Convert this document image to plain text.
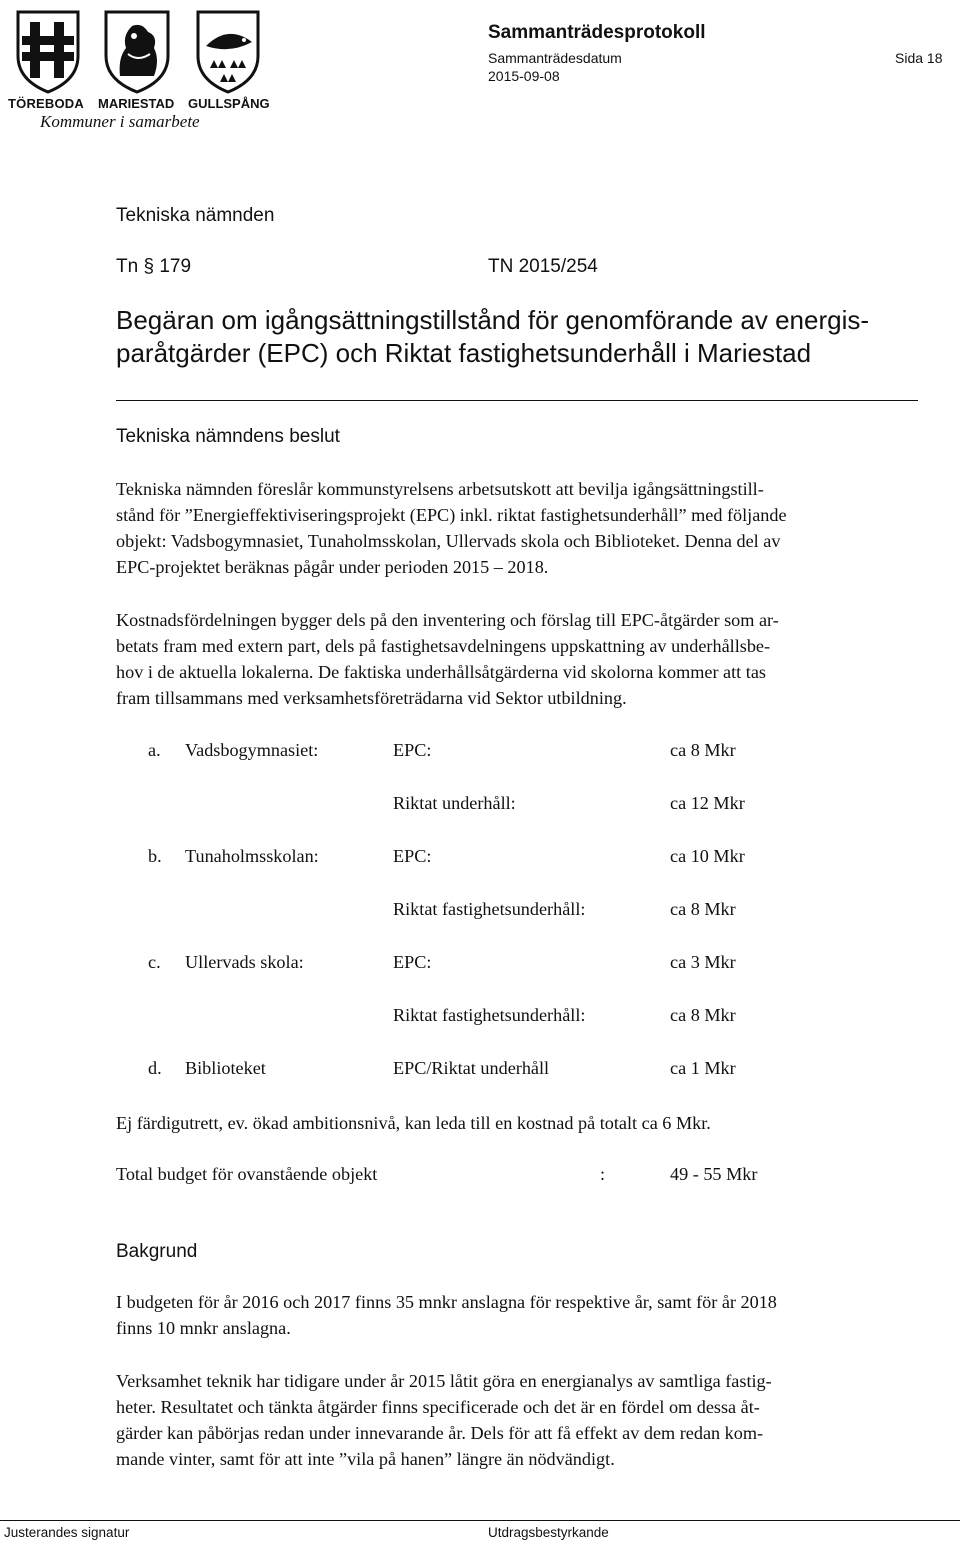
TÖREBODA MARIESTAD GULLSPÅNG
Kommuner i samarbete
Sammanträdesprotokoll
Sammanträdesdatum
2015-09-08
Sida 18
Tekniska nämnden
Tn § 179	TN 2015/254
Begäran om igångsättningstillstånd för genomförande av energis-
paråtgärder (EPC) och Riktat fastighetsunderhåll i Mariestad
Tekniska nämndens beslut
Tekniska nämnden föreslår kommunstyrelsens arbetsutskott att bevilja igångsättningstill-
stånd för ”Energieffektiviseringsprojekt (EPC) inkl. riktat fastighetsunderhåll” med följande
objekt: Vadsbogymnasiet, Tunaholmsskolan, Ullervads skola och Biblioteket. Denna del av
EPC-projektet beräknas pågår under perioden 2015 – 2018.
Kostnadsfördelningen bygger dels på den inventering och förslag till EPC-åtgärder som ar-
betats fram med extern part, dels på fastighetsavdelningens uppskattning av underhållsbe-
hov i de aktuella lokalerna. De faktiska underhållsåtgärderna vid skolorna kommer att tas
fram tillsammans med verksamhetsföreträdarna vid Sektor utbildning.
a. Vadsbogymnasiet:	EPC:	ca 8 Mkr
Riktat underhåll:	ca 12 Mkr
b. Tunaholmsskolan:	EPC:	ca 10 Mkr
Riktat fastighetsunderhåll:	ca 8 Mkr
c. Ullervads skola:	EPC:	ca 3 Mkr
Riktat fastighetsunderhåll:	ca 8 Mkr
d. Biblioteket	EPC/Riktat underhåll	ca 1 Mkr
Ej färdigutrett, ev. ökad ambitionsnivå, kan leda till en kostnad på totalt ca 6 Mkr.
Total budget för ovanstående objekt	:	49 - 55 Mkr
Bakgrund
I budgeten för år 2016 och 2017 finns 35 mnkr anslagna för respektive år, samt för år 2018
finns 10 mnkr anslagna.
Verksamhet teknik har tidigare under år 2015 låtit göra en energianalys av samtliga fastig-
heter. Resultatet och tänkta åtgärder finns specificerade och det är en fördel om dessa åt-
gärder kan påbörjas redan under innevarande år. Dels för att få effekt av dem redan kom-
mande vinter, samt för att inte ”vila på hanen” längre än nödvändigt.
Justerandes signatur	Utdragsbestyrkande
